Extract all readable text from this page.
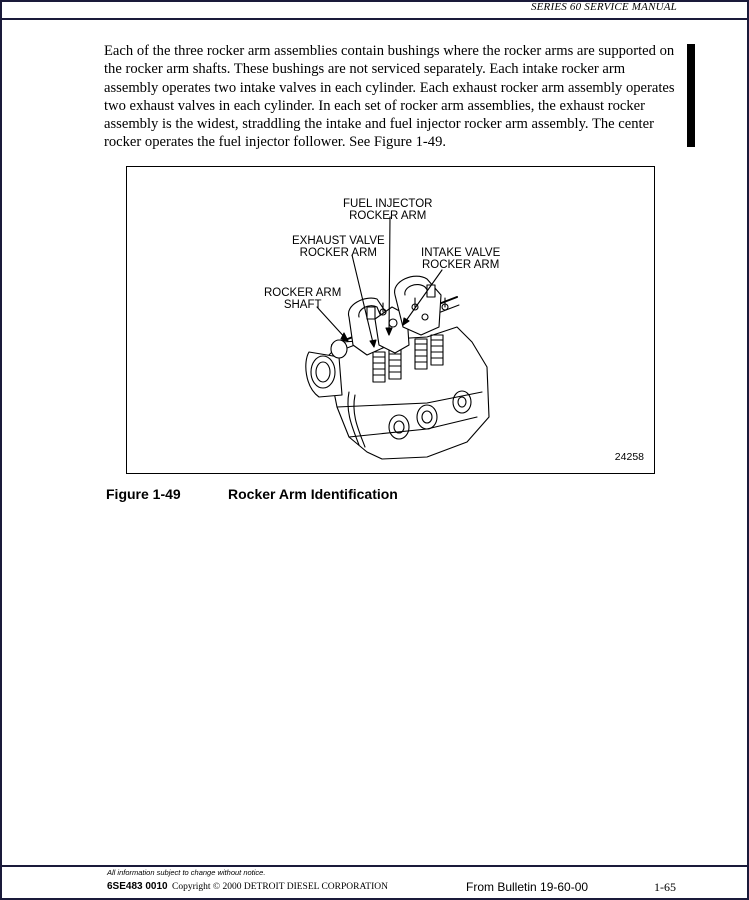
SERIES 60 SERVICE MANUAL
Each of the three rocker arm assemblies contain bushings where the rocker arms are supported on the rocker arm shafts. These bushings are not serviced separately. Each intake rocker arm assembly operates two intake valves in each cylinder. Each exhaust rocker arm assembly operates two exhaust valves in each cylinder. In each set of rocker arm assemblies, the exhaust rocker assembly is the widest, straddling the intake and fuel injector rocker arm assembly. The center rocker operates the fuel injector follower. See Figure 1-49.
FUEL INJECTOR
ROCKER ARM
EXHAUST VALVE
ROCKER ARM	INTAKE VALVE
ROCKER ARM
ROCKER ARM
SHAFT
24258
Figure 1-49	Rocker Arm Identification
All information subject to change without notice.
6SE483 0010 Copyright © 2000 DETROIT DIESEL CORPORATION	From Bulletin 19-60-00	1-65
